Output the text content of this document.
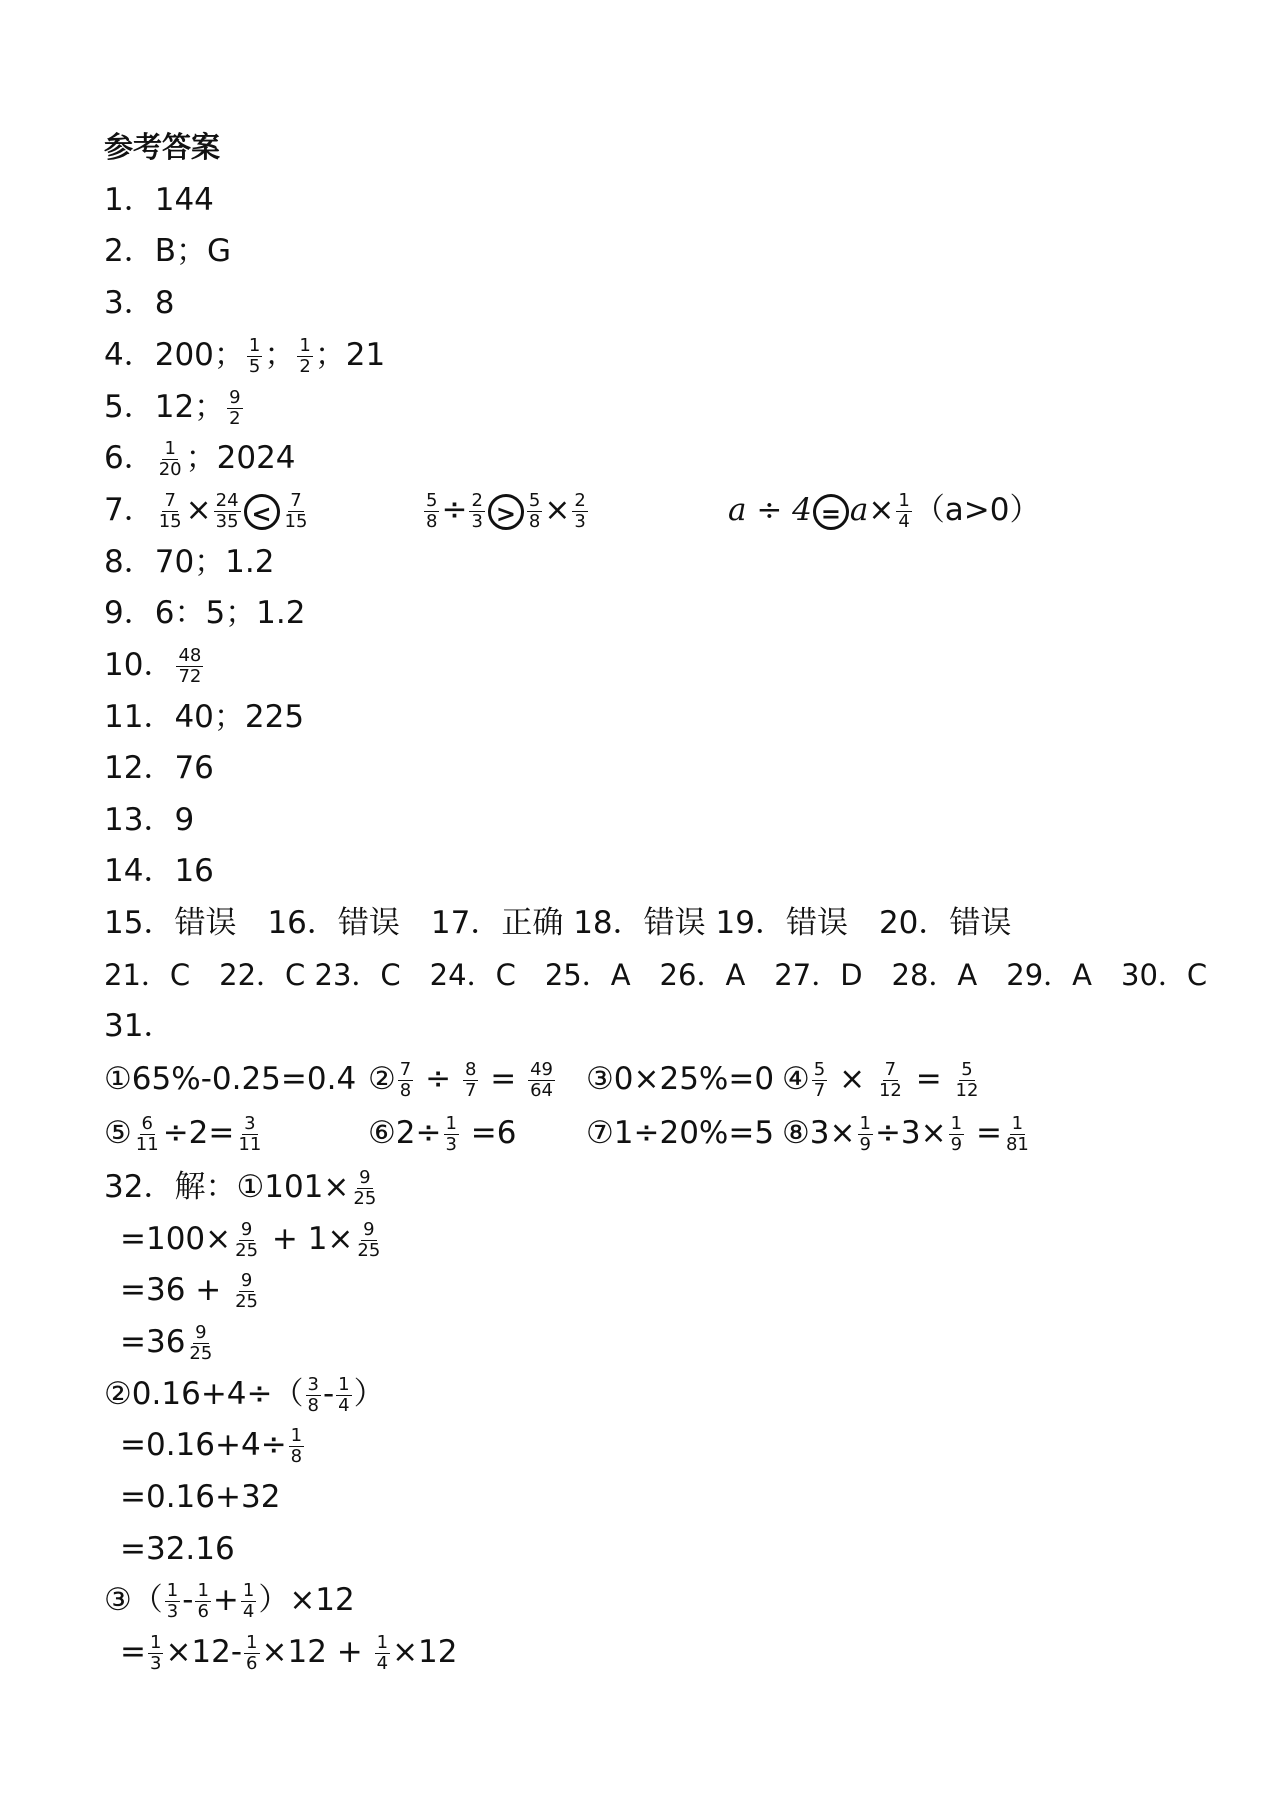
参考答案
1．144
2．B；G
3．8
4．200； $\frac{1}{5}$ ； $\frac{1}{2}$ ；21
5．12； $\frac{9}{2}$
6． $\frac{1}{20}$ ；2024
7． $\frac{7}{15} \times \frac{24}{35} < \frac{7}{15}$	$\frac{5}{8} \div \frac{2}{3} > \frac{5}{8} \times \frac{2}{3}$	$a \div 4 = a\times \frac{1}{4} (a>0)$
8．70；1.2
9．6：5；1.2
10． $\frac{48}{72}$
11．40；225
12．76
13．9
14．16
15．错误　16．错误　17．正确 18．错误 19．错误　20．错误
21．C　22．C 23．C　24．C　25．A　26．A　27．D　28．A　29．A　30．C
31．
①65%-0.25=0.4 ② $\frac{7}{8} \div \frac{8}{7} = \frac{49}{64}$ ③0×25%=0 ④ $\frac{5}{7} \times \frac{7}{12} = \frac{5}{12}$
⑤ $\frac{6}{11} \div 2= \frac{3}{11}$	⑥2÷ $\frac{1}{3} =6$ ⑦1÷20%=5 ⑧3× $\frac{1}{9} \div 3\times \frac{1}{9} = \frac{1}{81}$
32．解：①101× $\frac{9}{25}$
$=100\times \frac{9}{25} + 1\times \frac{9}{25}$
$=36 + \frac{9}{25}$
$=36 \frac{9}{25}$
②0.16+4÷（ $\frac{3}{8} - \frac{1}{4}$ ）
$=0.16+4\div \frac{1}{8}$
=0.16+32
=32.16
③（ $\frac{1}{3} - \frac{1}{6} + \frac{1}{4} )\times 12$
= $\frac{1}{3} \times 12- \frac{1}{6} \times 12 + \frac{1}{4} \times 12$
